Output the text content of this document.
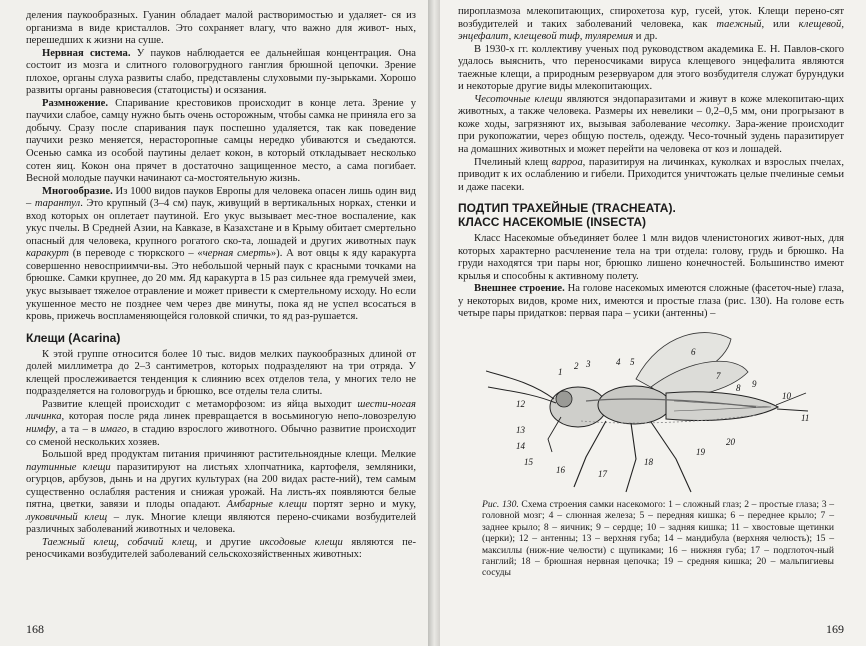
деления паукообразных. Гуанин обладает малой растворимостью и удаляет- ся из организма в виде кристаллов. Это сохраняет влагу, что важно для живот- ных, перешедших к жизни на суше.

Нервная система. У пауков наблюдается ее дальнейшая концентрация. Она состоит из мозга и слитного головогрудного ганглия брюшной цепочки. Зрение плохое, органы слуха развиты слабо, представлены слуховыми пу-зырьками. Хорошо развиты органы равновесия (статоцисты) и осязания.

Размножение. Спаривание крестовиков происходит в конце лета. Зрение у паучихи слабое, самцу нужно быть очень осторожным, чтобы самка не приняла его за добычу. Сразу после спаривания паук поспешно удаляется, так как поведение паучихи резко меняется, нерасторопные самцы нередко убиваются и съедаются. Осенью самка из особой паутины делает кокон, в который откладывает несколько сотен яиц. Кокон она прячет в достаточно защищенное место, а сама погибает. Весной молодые паучки начинают са-мостоятельную жизнь.

Многообразие. Из 1000 видов пауков Европы для человека опасен лишь один вид – тарантул. Это крупный (3–4 см) паук, живущий в вертикальных норках, стенки и вход которых он оплетает паутиной. Его укус вызывает мес-тное воспаление, как укус пчелы. В Средней Азии, на Кавказе, в Казахстане и в Крыму обитает смертельно опасный для человека, крупного рогатого ско-та, лошадей и других животных паук каракурт (в переводе с тюркского – «черная смерть»). А вот овцы к яду каракурта совершенно невосприимчи-вы. Это небольшой черный паук с красными точками на брюшке. Самки крупнее, до 20 мм. Яд каракурта в 15 раз сильнее яда гремучей змеи, укус вызывает тяжелое отравление и может привести к смертельному исходу. Но если укушенное место не позднее чем через две минуты, пока яд не успел всосаться в кровь, прижечь воспламеняющейся головкой спички, то яд раз-рушается.

Клещи (Acarina)

К этой группе относится более 10 тыс. видов мелких паукообразных длиной от долей миллиметра до 2–3 сантиметров, которых подразделяют на три отряда. У клещей прослеживается тенденция к слиянию всех отделов тела, у многих тело не подразделяется на головогрудь и брюшко, все отделы тела слиты.

Развитие клещей происходит с метаморфозом: из яйца выходит шести-ногая личинка, которая после ряда линек превращается в восьминогую непо-ловозрелую нимфу, а та – в имаго, в стадию взрослого животного. Обычно развитие происходит со сменой нескольких хозяев.

Большой вред продуктам питания причиняют растительноядные клещи. Мелкие паутинные клещи паразитируют на листьях хлопчатника, картофеля, земляники, огурцов, арбузов, дынь и на других культурах (на 200 видах расте-ний), тем самым существенно ослабляя растения и снижая урожай. На листь-ях появляются белые пятна, цветки, завязи и плоды опадают. Амбарные клещи портят зерно и муку, луковичный клещ – лук. Многие клещи являются перено-счиками возбудителей различных заболеваний животных и человека.

Таежный клещ, собачий клещ, и другие иксодовые клещи являются пе-реносчиками возбудителей заболеваний сельскохозяйственных животных:

168

пироплазмоза млекопитающих, спирохетоза кур, гусей, уток. Клещи перено-сят возбудителей и таких заболеваний человека, как таежный, или клещевой, энцефалит, клещевой тиф, туляремия и др.

В 1930-х гг. коллективу ученых под руководством академика Е. Н. Павлов-ского удалось выяснить, что переносчиками вируса клещевого энцефалита являются таежные клещи, а природным резервуаром для этого возбудителя служат бурундуки и некоторые другие виды млекопитающих.

Чесоточные клещи являются эндопаразитами и живут в коже млекопитаю-щих животных, а также человека. Размеры их невелики – 0,2–0,5 мм, они прогрызают в коже ходы, загрязняют их, вызывая заболевание чесотку. Зара-жение происходит при рукопожатии, через общую постель, одежду. Чесо-точный зудень паразитирует на домашних животных и может перейти на человека от коз и лошадей.

Пчелиный клещ варроа, паразитируя на личинках, куколках и взрослых пчелах, приводит к их ослаблению и гибели. Приходится уничтожать целые пчелиные семьи и даже пасеки.

ПОДТИП ТРАХЕЙНЫЕ (TRACHEATA).
КЛАСС НАСЕКОМЫЕ (INSECTA)

Класс Насекомые объединяет более 1 млн видов членистоногих живот-ных, для которых характерно расчленение тела на три отдела: голову, грудь и брюшко. На груди находятся три пары ног, брюшко лишено конечностей. Большинство имеют крылья и способны к активному полету.

Внешнее строение. На голове насекомых имеются сложные (фасеточ-ные) глаза, у некоторых видов, кроме них, имеются и простые глаза (рис. 130). На голове есть четыре пары придатков: первая пара – усики (антенны) –

1
2 3	4 5
6
7
8 9
10
11
12
13
14
15
16	17
18
19
20

Рис. 130. Схема строения самки насекомого: 1 – сложный глаз; 2 – простые глаза; 3 – головной мозг; 4 – слюнная железа; 5 – передняя кишка; 6 – переднее крыло; 7 – заднее крыло; 8 – яичник; 9 – сердце; 10 – задняя кишка; 11 – хвостовые щетинки (церки); 12 – антенны; 13 – верхняя губа; 14 – мандибула (верхняя челюсть); 15 – максиллы (ниж-ние челюсти) с щупиками; 16 – нижняя губа; 17 – подглоточ-ный ганглий; 18 – брюшная нервная цепочка; 19 – средняя кишка; 20 – мальпигиевы сосуды

169
